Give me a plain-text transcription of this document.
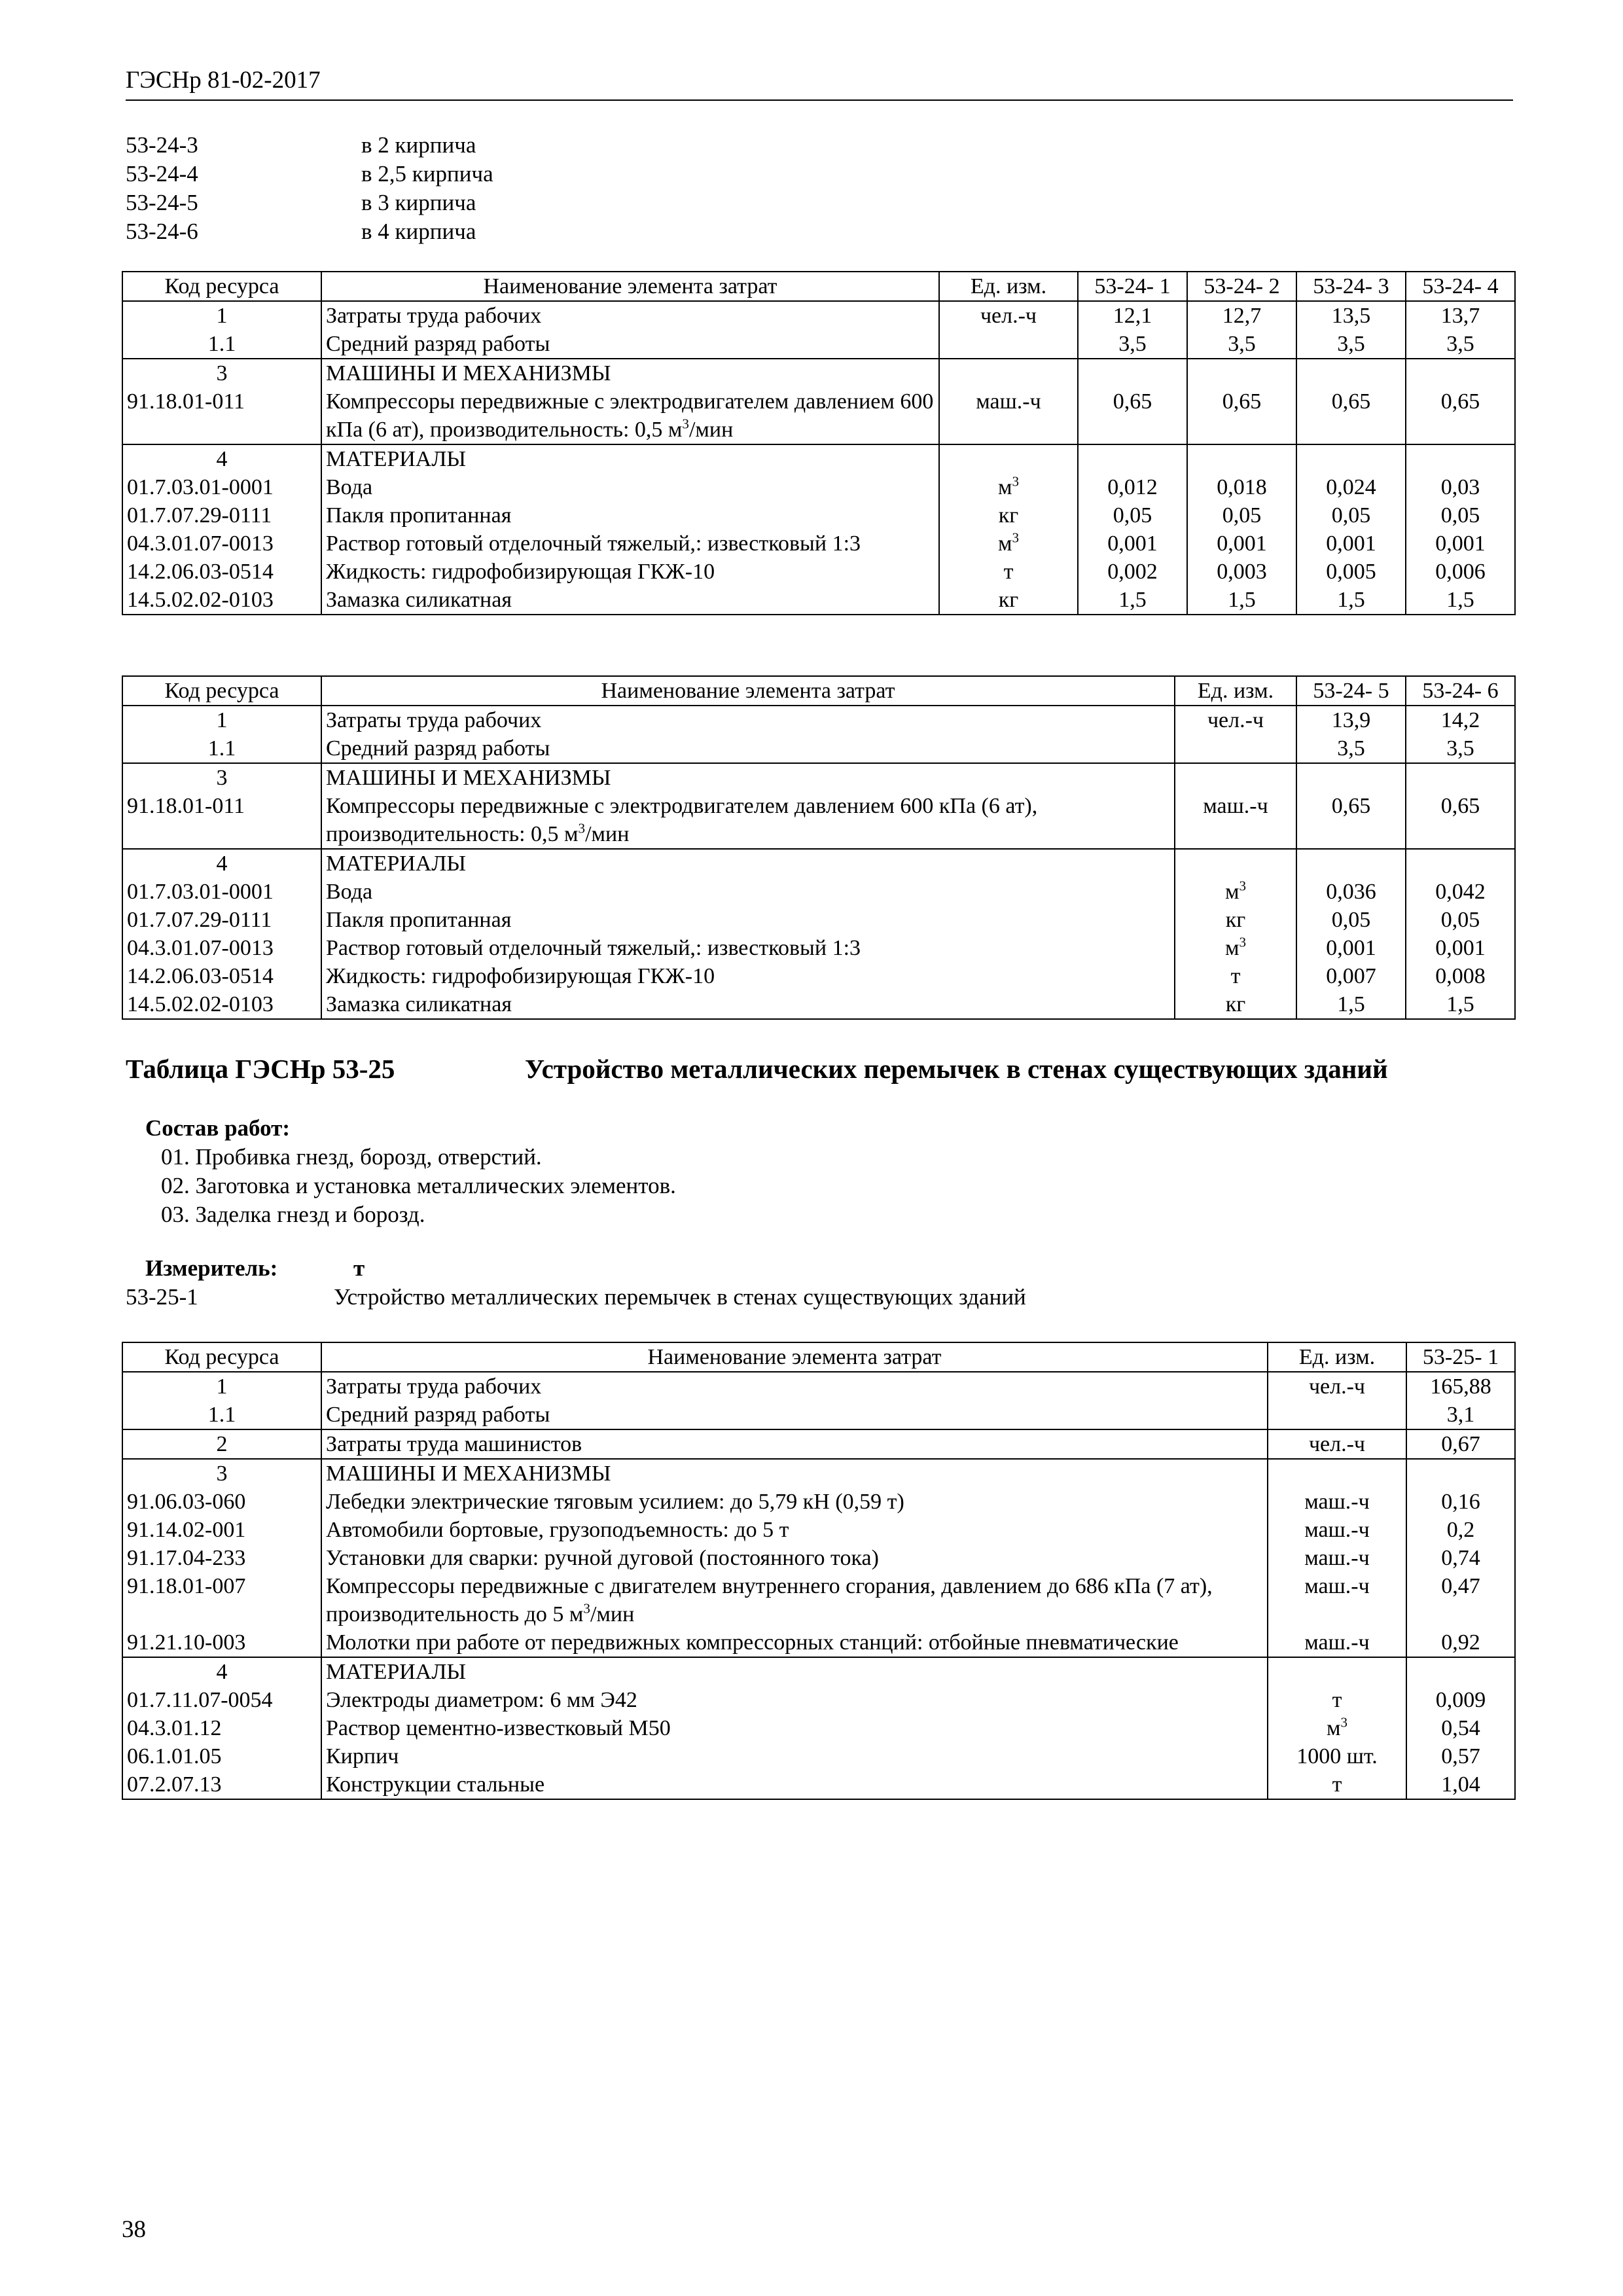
ГЭСНр 81-02-2017
53-24-3	в 2 кирпича
53-24-4	в 2,5 кирпича
53-24-5	в 3 кирпича
53-24-6	в 4 кирпича
Код ресурса	Наименование элемента затрат	Ед. изм.	53-24- 1	53-24- 2	53-24- 3	53-24- 4
1	Затраты труда рабочих	чел.-ч	12,1	12,7	13,5	13,7
1.1	Средний разряд работы		3,5	3,5	3,5	3,5
3	МАШИНЫ И МЕХАНИЗМЫ					
91.18.01-011	Компрессоры передвижные с электродвигателем давлением 600 кПа (6 ат), производительность: 0,5 $м^3$/мин	маш.-ч	0,65	0,65	0,65	0,65
4	МАТЕРИАЛЫ					
01.7.03.01-0001	Вода	$м^3$	0,012	0,018	0,024	0,03
01.7.07.29-0111	Пакля пропитанная	кг	0,05	0,05	0,05	0,05
04.3.01.07-0013	Раствор готовый отделочный тяжелый,: известковый 1:3	$м^3$	0,001	0,001	0,001	0,001
14.2.06.03-0514	Жидкость: гидрофобизирующая ГКЖ-10	т	0,002	0,003	0,005	0,006
14.5.02.02-0103	Замазка силикатная	кг	1,5	1,5	1,5	1,5
Код ресурса	Наименование элемента затрат	Ед. изм.	53-24- 5	53-24- 6
1	Затраты труда рабочих	чел.-ч	13,9	14,2
1.1	Средний разряд работы		3,5	3,5
3	МАШИНЫ И МЕХАНИЗМЫ			
91.18.01-011	Компрессоры передвижные с электродвигателем давлением 600 кПа (6 ат), производительность: 0,5 $м^3$/мин	маш.-ч	0,65	0,65
4	МАТЕРИАЛЫ			
01.7.03.01-0001	Вода	$м^3$	0,036	0,042
01.7.07.29-0111	Пакля пропитанная	кг	0,05	0,05
04.3.01.07-0013	Раствор готовый отделочный тяжелый,: известковый 1:3	$м^3$	0,001	0,001
14.2.06.03-0514	Жидкость: гидрофобизирующая ГКЖ-10	т	0,007	0,008
14.5.02.02-0103	Замазка силикатная	кг	1,5	1,5
Таблица ГЭСНр 53-25	Устройство металлических перемычек в стенах существующих зданий
Состав работ:
01. Пробивка гнезд, борозд, отверстий.
02. Заготовка и установка металлических элементов.
03. Заделка гнезд и борозд.
Измеритель:	т
53-25-1	Устройство металлических перемычек в стенах существующих зданий
Код ресурса	Наименование элемента затрат	Ед. изм.	53-25- 1
1	Затраты труда рабочих	чел.-ч	165,88
1.1	Средний разряд работы		3,1
2	Затраты труда машинистов	чел.-ч	0,67
3	МАШИНЫ И МЕХАНИЗМЫ		
91.06.03-060	Лебедки электрические тяговым усилием: до 5,79 кН (0,59 т)	маш.-ч	0,16
91.14.02-001	Автомобили бортовые, грузоподъемность: до 5 т	маш.-ч	0,2
91.17.04-233	Установки для сварки: ручной дуговой (постоянного тока)	маш.-ч	0,74
91.18.01-007	Компрессоры передвижные с двигателем внутреннего сгорания, давлением до 686 кПа (7 ат), производительность до 5 $м^3$/мин	маш.-ч	0,47
91.21.10-003	Молотки при работе от передвижных компрессорных станций: отбойные пневматические	маш.-ч	0,92
4	МАТЕРИАЛЫ		
01.7.11.07-0054	Электроды диаметром: 6 мм Э42	т	0,009
04.3.01.12	Раствор цементно-известковый М50	$м^3$	0,54
06.1.01.05	Кирпич	1000 шт.	0,57
07.2.07.13	Конструкции стальные	т	1,04
38
